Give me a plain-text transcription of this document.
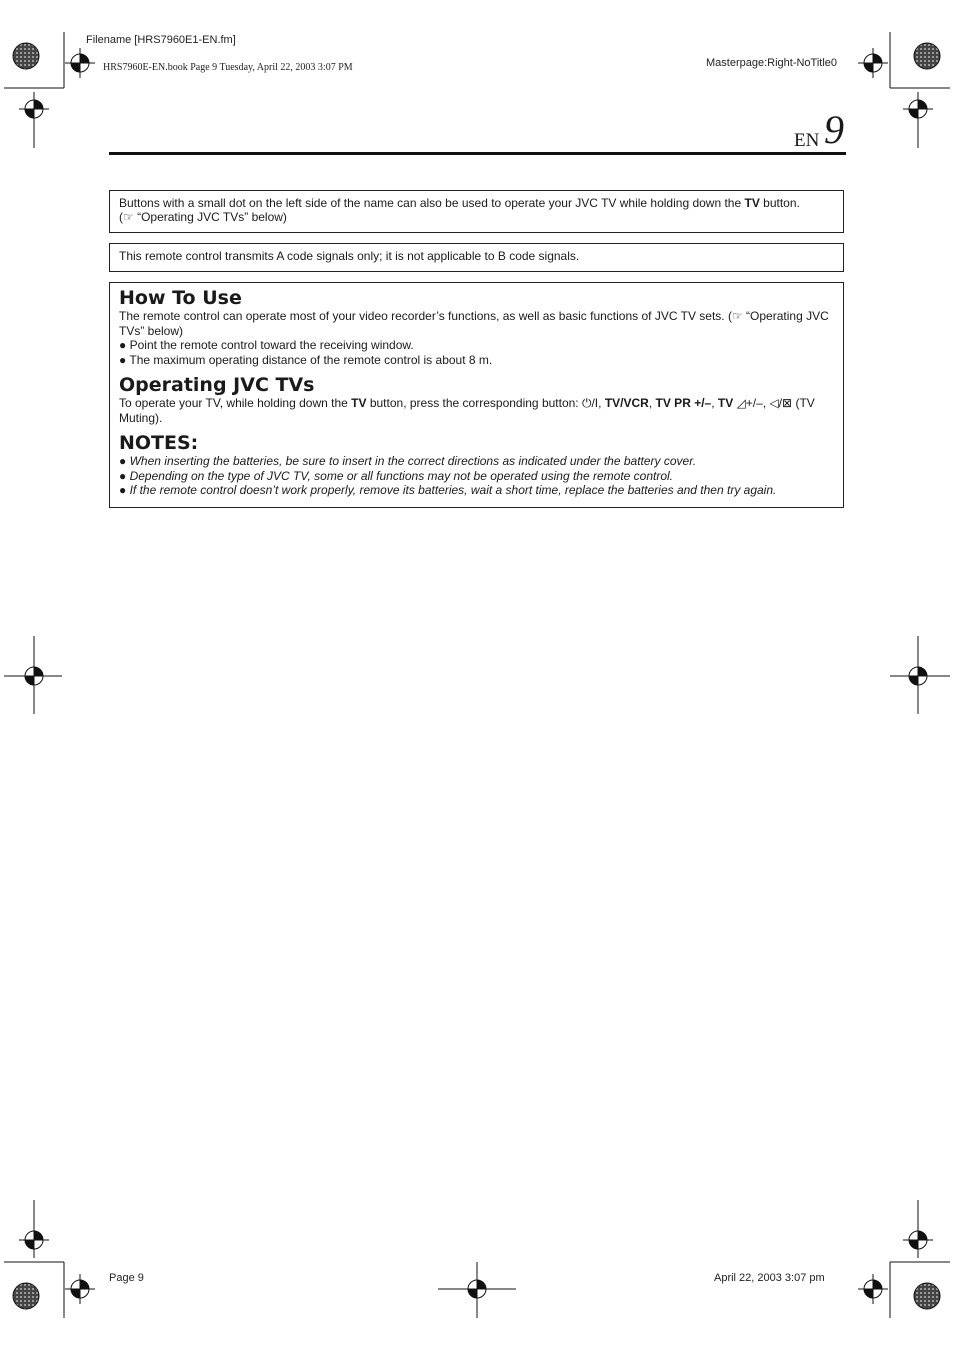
Filename [HRS7960E1-EN.fm]
HRS7960E-EN.book Page 9 Tuesday, April 22, 2003 3:07 PM	Masterpage:Right-NoTitle0
Page 9	April 22, 2003 3:07 pm
EN 9

Buttons with a small dot on the left side of the name can also be used to operate your JVC TV while holding down the TV button.

(☞ “Operating JVC TVs” below)

This remote control transmits A code signals only; it is not applicable to B code signals.

How To Use

The remote control can operate most of your video recorder’s functions, as well as basic functions of JVC TV sets. (☞ “Operating JVC TVs” below)

● Point the remote control toward the receiving window.
● The maximum operating distance of the remote control is about 8 m.
Operating JVC TVs

To operate your TV, while holding down the TV button, press the corresponding button: ⏻/I, TV/VCR, TV PR +/–, TV ◿+/–, ◁/⊠ (TV Muting).

NOTES:
● When inserting the batteries, be sure to insert in the correct directions as indicated under the battery cover.
● Depending on the type of JVC TV, some or all functions may not be operated using the remote control.
● If the remote control doesn’t work properly, remove its batteries, wait a short time, replace the batteries and then try again.
